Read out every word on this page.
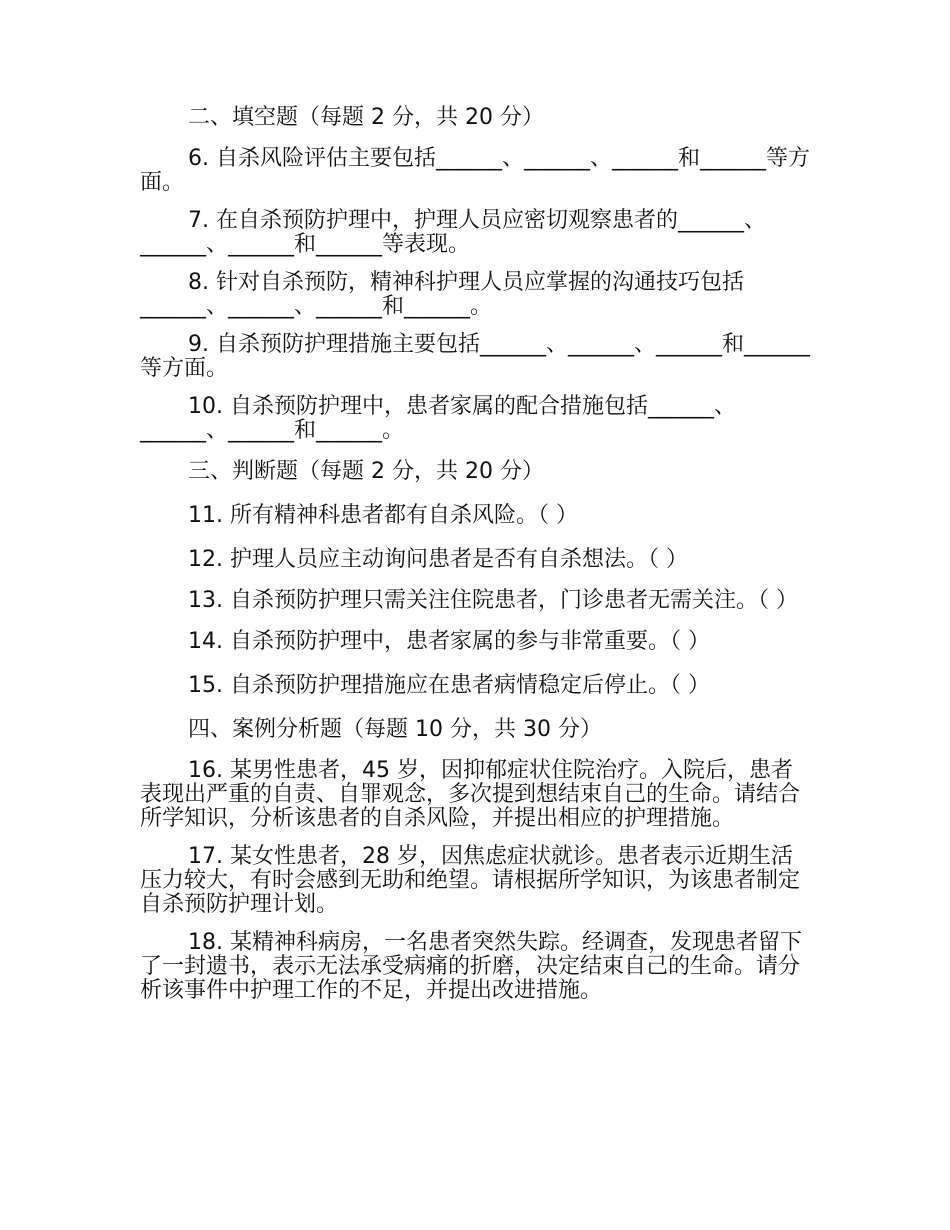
二、填空题（每题 2 分，共 20 分）

6. 自杀风险评估主要包括______、______、______和______等方面。

7. 在自杀预防护理中，护理人员应密切观察患者的______、______、______和______等表现。

8. 针对自杀预防，精神科护理人员应掌握的沟通技巧包括______、______、______和______。

9. 自杀预防护理措施主要包括______、______、______和______等方面。

10. 自杀预防护理中，患者家属的配合措施包括______、______、______和______。

三、判断题（每题 2 分，共 20 分）

11. 所有精神科患者都有自杀风险。（ ）

12. 护理人员应主动询问患者是否有自杀想法。（ ）

13. 自杀预防护理只需关注住院患者，门诊患者无需关注。（ ）

14. 自杀预防护理中，患者家属的参与非常重要。（ ）

15. 自杀预防护理措施应在患者病情稳定后停止。（ ）

四、案例分析题（每题 10 分，共 30 分）

16. 某男性患者，45 岁，因抑郁症状住院治疗。入院后，患者表现出严重的自责、自罪观念，多次提到想结束自己的生命。请结合所学知识，分析该患者的自杀风险，并提出相应的护理措施。

17. 某女性患者，28 岁，因焦虑症状就诊。患者表示近期生活压力较大，有时会感到无助和绝望。请根据所学知识，为该患者制定自杀预防护理计划。

18. 某精神科病房，一名患者突然失踪。经调查，发现患者留下了一封遗书，表示无法承受病痛的折磨，决定结束自己的生命。请分析该事件中护理工作的不足，并提出改进措施。
